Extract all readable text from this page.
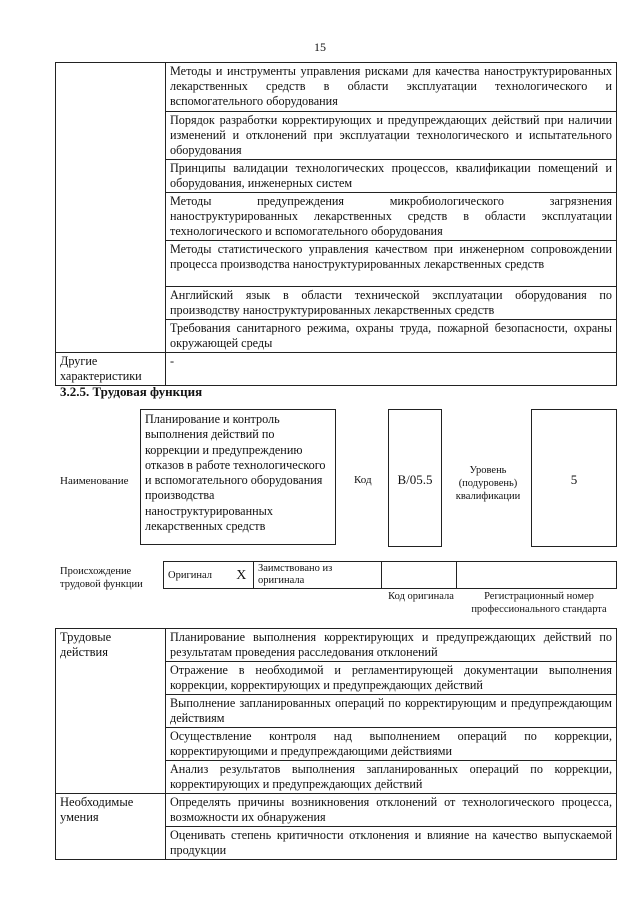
15
	Методы и инструменты управления рисками для качества наноструктурированных лекарственных средств в области эксплуатации технологического и вспомогательного оборудования
	Порядок разработки корректирующих и предупреждающих действий при наличии изменений и отклонений при эксплуатации технологического и испытательного оборудования
	Принципы валидации технологических процессов, квалификации помещений и оборудования, инженерных систем
	Методы предупреждения микробиологического загрязнения наноструктурированных лекарственных средств в области эксплуатации технологического и вспомогательного оборудования
	Методы статистического управления качеством при инженерном сопровождении процесса производства наноструктурированных лекарственных средств
	Английский язык в области технической эксплуатации оборудования по производству наноструктурированных лекарственных средств
	Требования санитарного режима, охраны труда, пожарной безопасности, охраны окружающей среды
Другие характеристики	-
3.2.5. Трудовая функция
Наименование
Планирование и контроль выполнения действий по коррекции и предупреждению отказов в работе технологического и вспомогательного оборудования производства наноструктурированных лекарственных средств
Код	B/05.5
Уровень (подуровень) квалификации
5
Происхождение трудовой функции
Оригинал	X	Заимствовано из оригинала		
Код оригинала	Регистрационный номер профессионального стандарта
Трудовые действия	Планирование выполнения корректирующих и предупреждающих действий по результатам проведения расследования отклонений
	Отражение в необходимой и регламентирующей документации выполнения коррекции, корректирующих и предупреждающих действий
	Выполнение запланированных операций по корректирующим и предупреждающим действиям
	Осуществление контроля над выполнением операций по коррекции, корректирующими и предупреждающими действиями
	Анализ результатов выполнения запланированных операций по коррекции, корректирующих и предупреждающих действий
Необходимые умения	Определять причины возникновения отклонений от технологического процесса, возможности их обнаружения
	Оценивать степень критичности отклонения и влияние на качество выпускаемой продукции
